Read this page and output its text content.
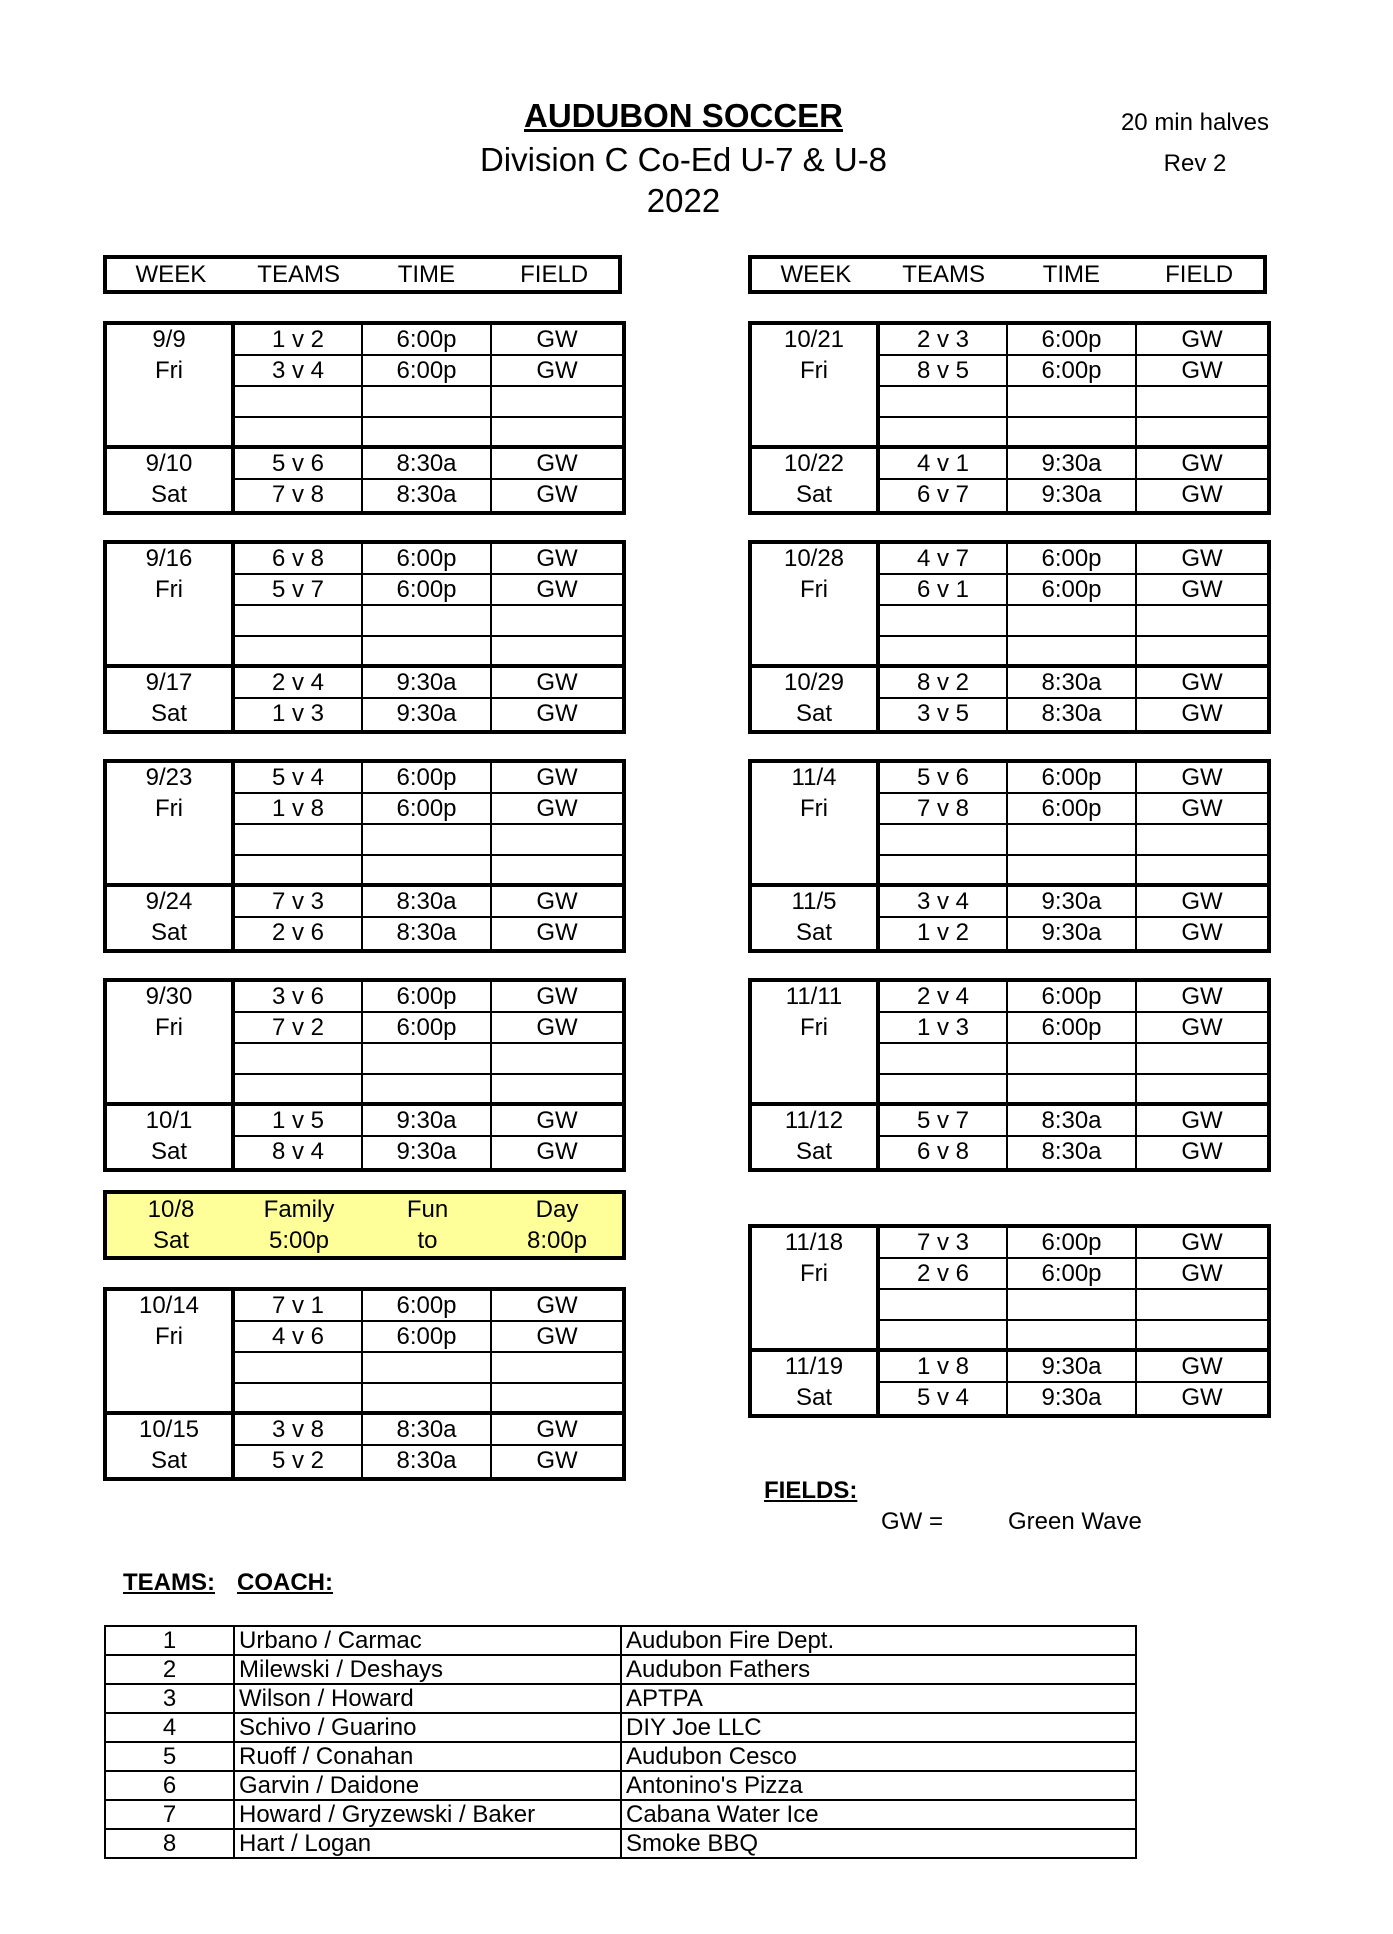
AUDUBON SOCCER
Division C Co-Ed U-7 & U-8
2022
20 min halves
Rev 2
WEEK	TEAMS	TIME	FIELD	WEEK	TEAMS	TIME	FIELD
9/9	1 v 2	6:00p	GW
Fri	3 v 4	6:00p	GW
9/10	5 v 6	8:30a	GW
Sat	7 v 8	8:30a	GW
9/16	6 v 8	6:00p	GW
Fri	5 v 7	6:00p	GW
9/17	2 v 4	9:30a	GW
Sat	1 v 3	9:30a	GW
9/23	5 v 4	6:00p	GW
Fri	1 v 8	6:00p	GW
9/24	7 v 3	8:30a	GW
Sat	2 v 6	8:30a	GW
9/30	3 v 6	6:00p	GW
Fri	7 v 2	6:00p	GW
10/1	1 v 5	9:30a	GW
Sat	8 v 4	9:30a	GW
10/14	7 v 1	6:00p	GW
Fri	4 v 6	6:00p	GW
10/15	3 v 8	8:30a	GW
Sat	5 v 2	8:30a	GW
10/21	2 v 3	6:00p	GW
Fri	8 v 5	6:00p	GW
10/22	4 v 1	9:30a	GW
Sat	6 v 7	9:30a	GW
10/28	4 v 7	6:00p	GW
Fri	6 v 1	6:00p	GW
10/29	8 v 2	8:30a	GW
Sat	3 v 5	8:30a	GW
11/4	5 v 6	6:00p	GW
Fri	7 v 8	6:00p	GW
11/5	3 v 4	9:30a	GW
Sat	1 v 2	9:30a	GW
11/11	2 v 4	6:00p	GW
Fri	1 v 3	6:00p	GW
11/12	5 v 7	8:30a	GW
Sat	6 v 8	8:30a	GW
11/18	7 v 3	6:00p	GW
Fri	2 v 6	6:00p	GW
11/19	1 v 8	9:30a	GW
Sat	5 v 4	9:30a	GW
10/8	Family	Fun	Day
Sat	5:00p	to	8:00p
FIELDS:
GW =	Green Wave
TEAMS: COACH:
1	Urbano / Carmac	Audubon Fire Dept.
2	Milewski / Deshays	Audubon Fathers
3	Wilson / Howard	APTPA
4	Schivo / Guarino	DIY Joe LLC
5	Ruoff / Conahan	Audubon Cesco
6	Garvin / Daidone	Antonino's Pizza
7	Howard / Gryzewski / Baker	Cabana Water Ice
8	Hart / Logan	Smoke BBQ
